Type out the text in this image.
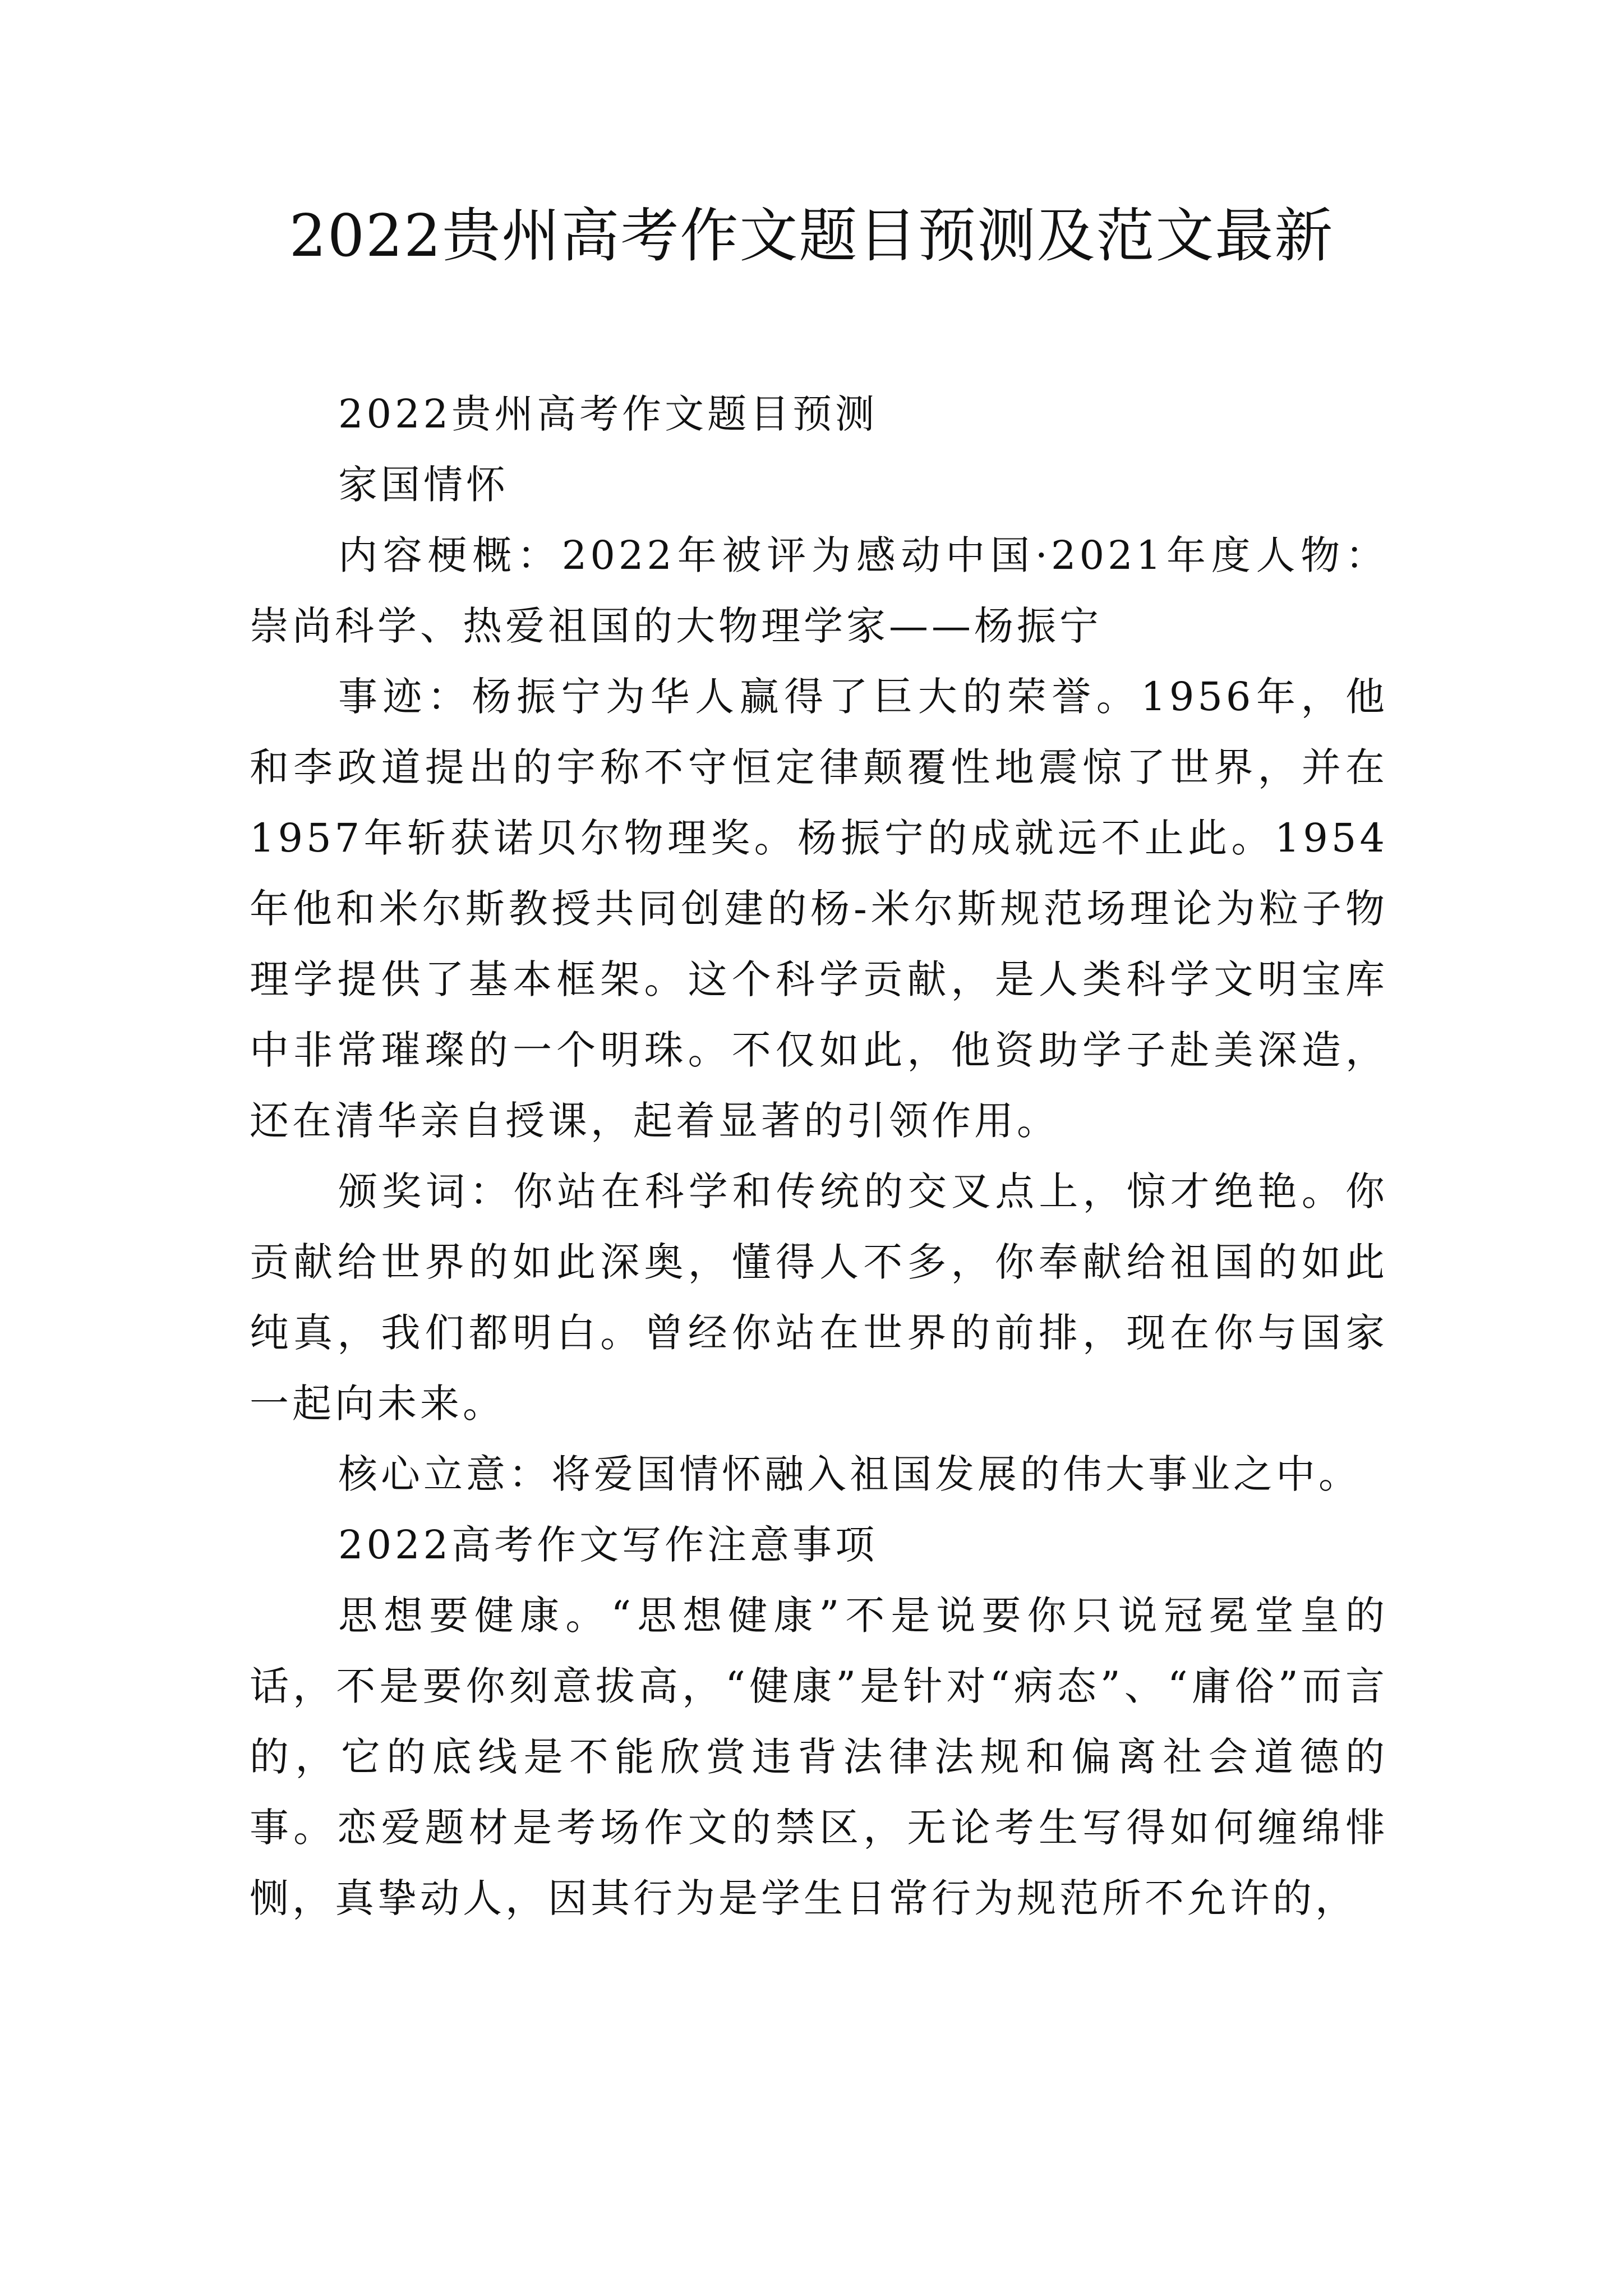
2022贵州高考作文题目预测及范文最新

2022贵州高考作文题目预测

家国情怀

内容梗概：2022年被评为感动中国·2021年度人物：崇尚科学、热爱祖国的大物理学家——杨振宁

事迹：杨振宁为华人赢得了巨大的荣誉。1956年，他和李政道提出的宇称不守恒定律颠覆性地震惊了世界，并在1957年斩获诺贝尔物理奖。杨振宁的成就远不止此。1954年他和米尔斯教授共同创建的杨-米尔斯规范场理论为粒子物理学提供了基本框架。这个科学贡献，是人类科学文明宝库中非常璀璨的一个明珠。不仅如此，他资助学子赴美深造，还在清华亲自授课，起着显著的引领作用。

颁奖词：你站在科学和传统的交叉点上，惊才绝艳。你贡献给世界的如此深奥，懂得人不多，你奉献给祖国的如此纯真，我们都明白。曾经你站在世界的前排，现在你与国家一起向未来。

核心立意：将爱国情怀融入祖国发展的伟大事业之中。

2022高考作文写作注意事项

思想要健康。“思想健康”不是说要你只说冠冕堂皇的话，不是要你刻意拔高，“健康”是针对“病态”、“庸俗”而言的，它的底线是不能欣赏违背法律法规和偏离社会道德的事。恋爱题材是考场作文的禁区，无论考生写得如何缠绵悱恻，真挚动人，因其行为是学生日常行为规范所不允许的，
